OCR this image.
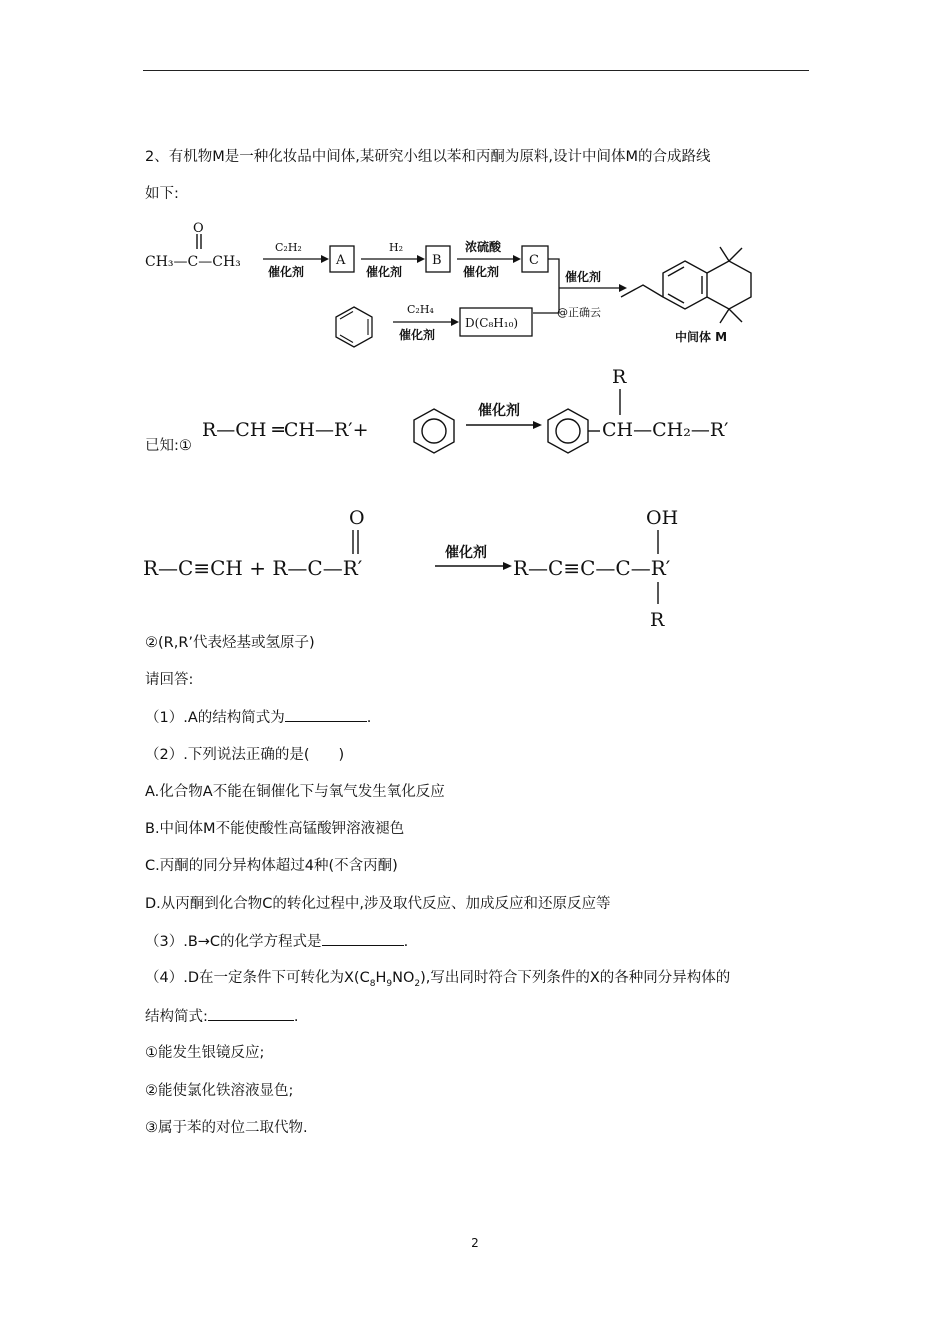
2、有机物M是一种化妆品中间体,某研究小组以苯和丙酮为原料,设计中间体M的合成路线
如下:
O
CH₃—C—CH₃
C₂H₂
催化剂
A
H₂
催化剂
B
浓硫酸
催化剂
C
催化剂
@正确云
C₂H₄
催化剂
D(C₈H₁₀)
中间体 M
已知:①
R—CH ═CH—R′+
催化剂
R
CH—CH₂—R′
O
R—C≡CH + R—C—R′
催化剂
OH
R—C≡C—C—R′
R
②(R,R’代表烃基或氢原子)
请回答:
（1）.A的结构简式为	.
（2）.下列说法正确的是(　　)
A.化合物A不能在铜催化下与氧气发生氧化反应
B.中间体M不能使酸性高锰酸钾溶液褪色
C.丙酮的同分异构体超过4种(不含丙酮)
D.从丙酮到化合物C的转化过程中,涉及取代反应、加成反应和还原反应等
（3）.B→C的化学方程式是	.
（4）.D在一定条件下可转化为$X(C_8H_9NO_2)$,写出同时符合下列条件的X的各种同分异构体的
结构简式:	.
①能发生银镜反应;
②能使氯化铁溶液显色;
③属于苯的对位二取代物.
2
